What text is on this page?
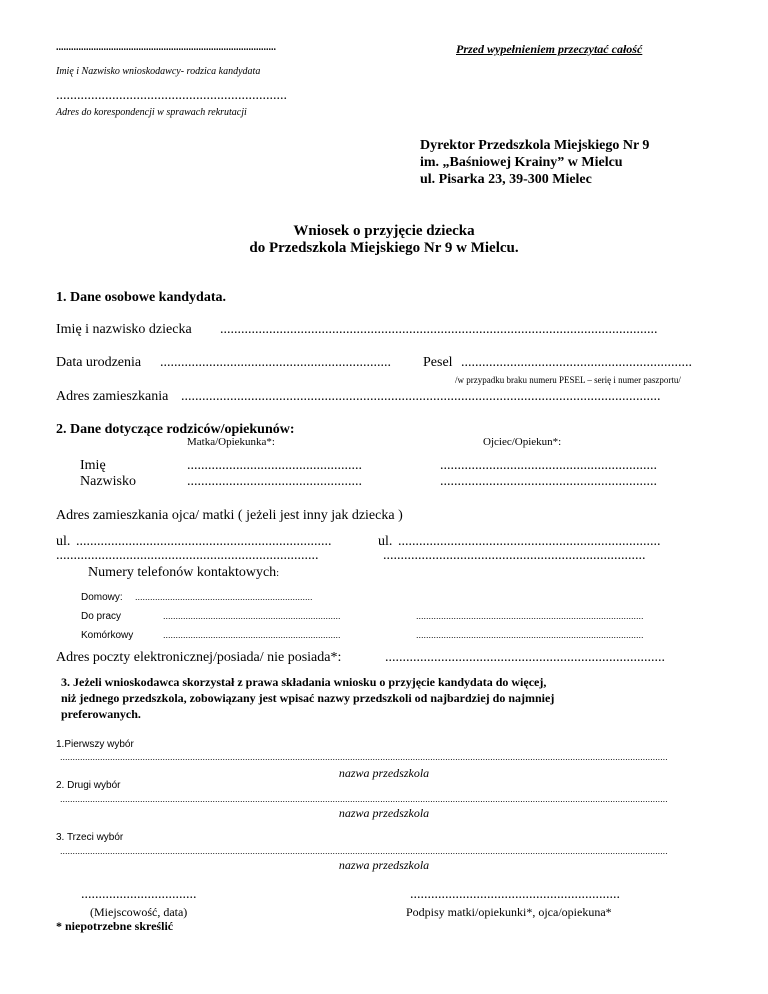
........................................................................................	Przed wypełnieniem przeczytać całość
Imię i Nazwisko wnioskodawcy- rodzica kandydata
..................................................................
Adres do korespondencji w sprawach rekrutacji
Dyrektor Przedszkola Miejskiego Nr 9
im. „Baśniowej Krainy” w Mielcu
ul. Pisarka 23, 39-300 Mielec
Wniosek o przyjęcie dziecka
do Przedszkola Miejskiego Nr 9 w Mielcu.
1. Dane osobowe kandydata.
Imię i nazwisko dziecka .............................................................................................................................
Data urodzenia .................................................................. Pesel ..................................................................
/w przypadku braku numeru PESEL – serię i numer paszportu/
Adres zamieszkania .........................................................................................................................................
2. Dane dotyczące rodziców/opiekunów:
Matka/Opiekunka*:	Ojciec/Opiekun*:
Imię	..................................................	..............................................................
Nazwisko	..................................................	..............................................................
Adres zamieszkania ojca/ matki ( jeżeli jest inny jak dziecka )
ul. .........................................................................	ul. ...........................................................................
...........................................................................	...........................................................................
Numery telefonów kontaktowych:
Domowy: .......................................................................
Do pracy	.......................................................................	...........................................................................................
Komórkowy	.......................................................................	...........................................................................................
Adres poczty elektronicznej/posiada/ nie posiada*:	................................................................................
3. Jeżeli wnioskodawca skorzystał z prawa składania wniosku o przyjęcie kandydata do więcej,
niż jednego przedszkola, zobowiązany jest wpisać nazwy przedszkoli od najbardziej do najmniej
preferowanych.
1.Pierwszy wybór
...................................................................................................................................................................................................................................................
nazwa przedszkola
2. Drugi wybór
...................................................................................................................................................................................................................................................
nazwa przedszkola
3. Trzeci wybór
...................................................................................................................................................................................................................................................
nazwa przedszkola
.................................
(Miejscowość, data)
............................................................
Podpisy matki/opiekunki*, ojca/opiekuna*
* niepotrzebne skreślić
